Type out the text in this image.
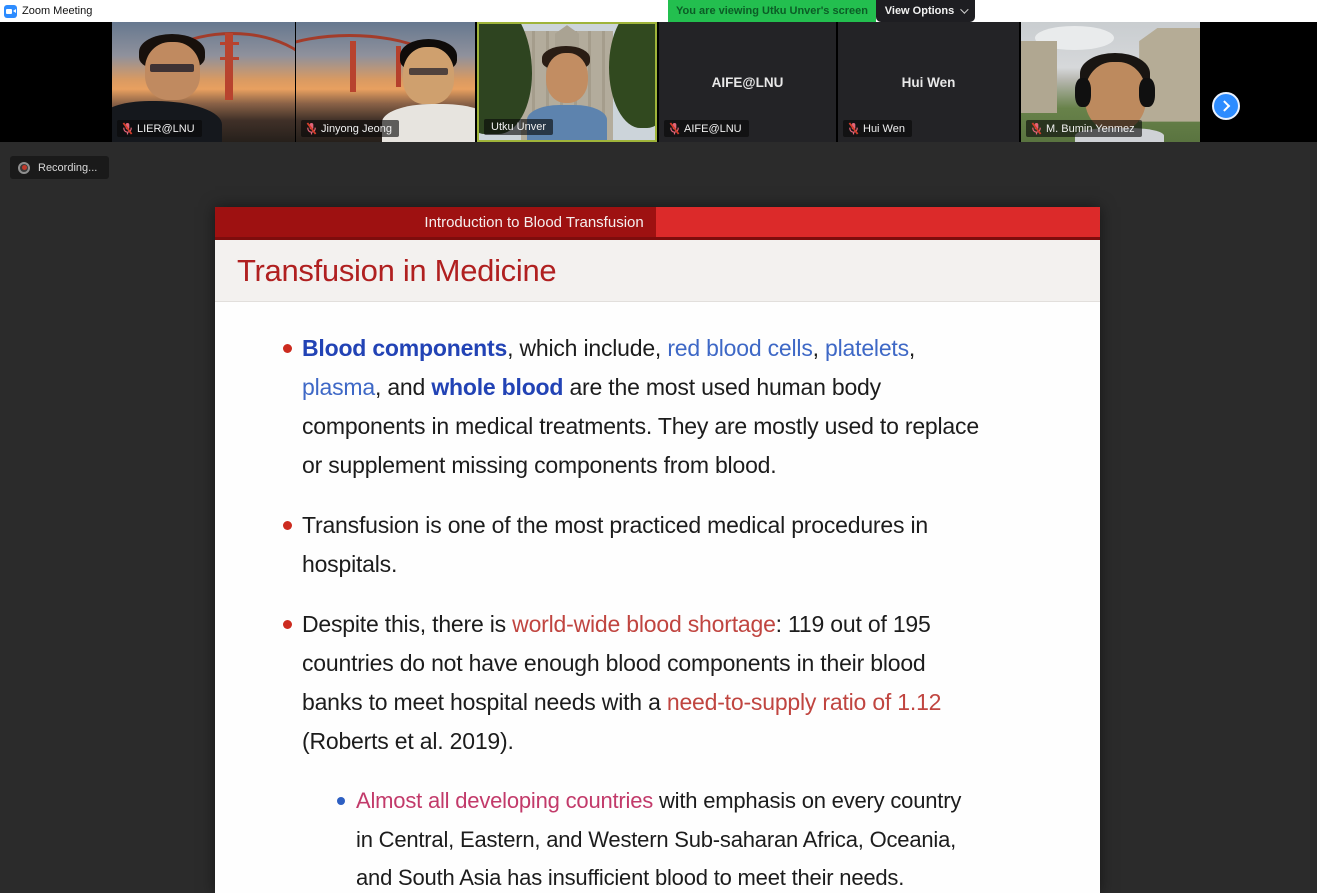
Zoom Meeting	You are viewing Utku Unver's screen View Options
LIER@LNU	Jinyong Jeong	Utku Unver
AIFE@LNU
AIFE@LNU
Hui Wen
Hui Wen	M. Bumin Yenmez
Recording...
Introduction to Blood Transfusion
Transfusion in Medicine
Blood components, which include, red blood cells, platelets,
plasma, and whole blood are the most used human body
components in medical treatments. They are mostly used to replace
or supplement missing components from blood.
Transfusion is one of the most practiced medical procedures in
hospitals.
Despite this, there is world-wide blood shortage: 119 out of 195
countries do not have enough blood components in their blood
banks to meet hospital needs with a need-to-supply ratio of 1.12
(Roberts et al. 2019).
Almost all developing countries with emphasis on every country
in Central, Eastern, and Western Sub-saharan Africa, Oceania,
and South Asia has insufficient blood to meet their needs.
